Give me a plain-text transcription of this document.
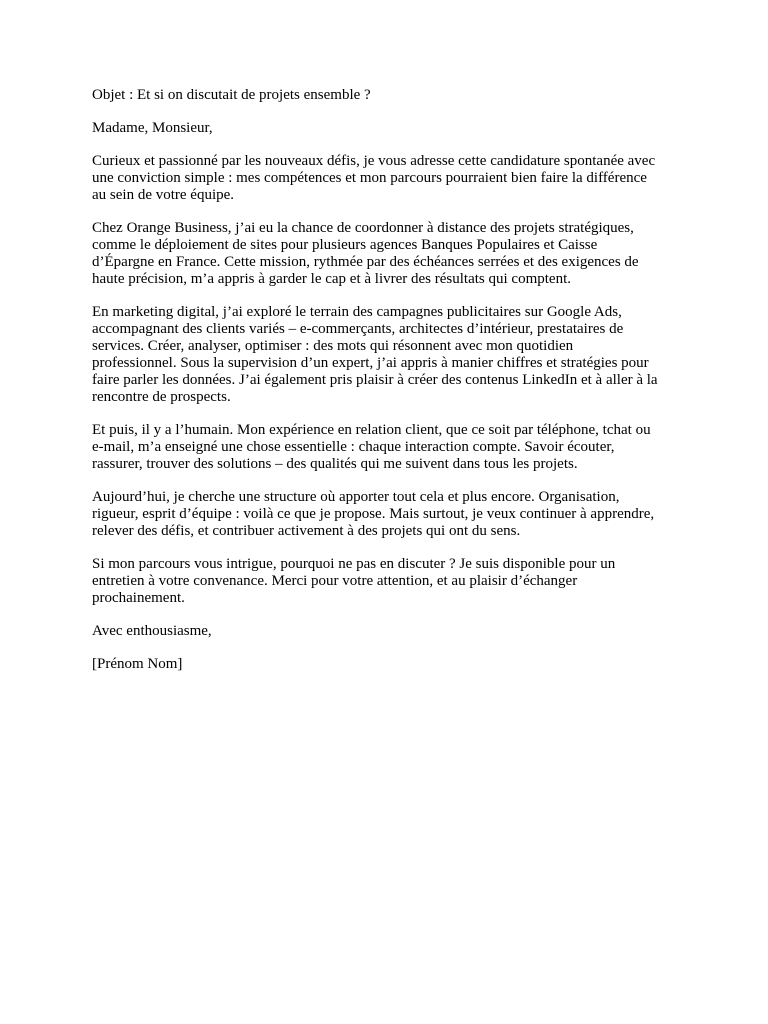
Objet : Et si on discutait de projets ensemble ?
Madame, Monsieur,
Curieux et passionné par les nouveaux défis, je vous adresse cette candidature spontanée avec
une conviction simple : mes compétences et mon parcours pourraient bien faire la différence
au sein de votre équipe.
Chez Orange Business, j’ai eu la chance de coordonner à distance des projets stratégiques,
comme le déploiement de sites pour plusieurs agences Banques Populaires et Caisse
d’Épargne en France. Cette mission, rythmée par des échéances serrées et des exigences de
haute précision, m’a appris à garder le cap et à livrer des résultats qui comptent.
En marketing digital, j’ai exploré le terrain des campagnes publicitaires sur Google Ads,
accompagnant des clients variés – e-commerçants, architectes d’intérieur, prestataires de
services. Créer, analyser, optimiser : des mots qui résonnent avec mon quotidien
professionnel. Sous la supervision d’un expert, j’ai appris à manier chiffres et stratégies pour
faire parler les données. J’ai également pris plaisir à créer des contenus LinkedIn et à aller à la
rencontre de prospects.
Et puis, il y a l’humain. Mon expérience en relation client, que ce soit par téléphone, tchat ou
e-mail, m’a enseigné une chose essentielle : chaque interaction compte. Savoir écouter,
rassurer, trouver des solutions – des qualités qui me suivent dans tous les projets.
Aujourd’hui, je cherche une structure où apporter tout cela et plus encore. Organisation,
rigueur, esprit d’équipe : voilà ce que je propose. Mais surtout, je veux continuer à apprendre,
relever des défis, et contribuer activement à des projets qui ont du sens.
Si mon parcours vous intrigue, pourquoi ne pas en discuter ? Je suis disponible pour un
entretien à votre convenance. Merci pour votre attention, et au plaisir d’échanger
prochainement.
Avec enthousiasme,
[Prénom Nom]
